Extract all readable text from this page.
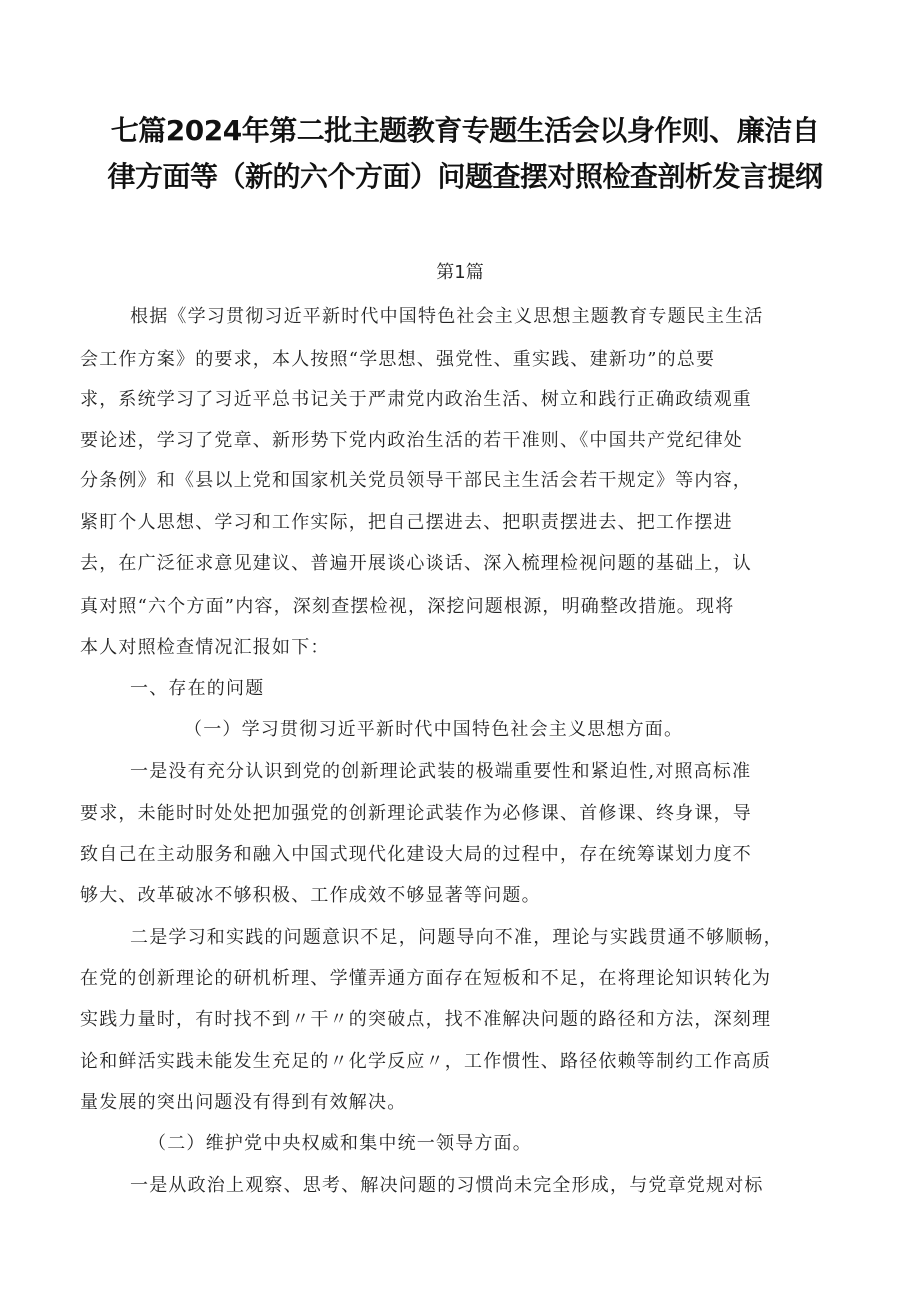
七篇2024年第二批主题教育专题生活会以身作则、廉洁自
律方面等（新的六个方面）问题查摆对照检查剖析发言提纲
第1篇
根据《学习贯彻习近平新时代中国特色社会主义思想主题教育专题民主生活
会工作方案》的要求，本人按照“学思想、强党性、重实践、建新功”的总要
求，系统学习了习近平总书记关于严肃党内政治生活、树立和践行正确政绩观重
要论述，学习了党章、新形势下党内政治生活的若干准则、《中国共产党纪律处
分条例》和《县以上党和国家机关党员领导干部民主生活会若干规定》等内容，
紧盯个人思想、学习和工作实际，把自己摆进去、把职责摆进去、把工作摆进
去，在广泛征求意见建议、普遍开展谈心谈话、深入梳理检视问题的基础上，认
真对照“六个方面”内容，深刻查摆检视，深挖问题根源，明确整改措施。现将
本人对照检查情况汇报如下：
一、存在的问题
（一）学习贯彻习近平新时代中国特色社会主义思想方面。
一是没有充分认识到党的创新理论武装的极端重要性和紧迫性,对照高标准
要求，未能时时处处把加强党的创新理论武装作为必修课、首修课、终身课，导
致自己在主动服务和融入中国式现代化建设大局的过程中，存在统筹谋划力度不
够大、改革破冰不够积极、工作成效不够显著等问题。
二是学习和实践的问题意识不足，问题导向不准，理论与实践贯通不够顺畅，
在党的创新理论的研机析理、学懂弄通方面存在短板和不足，在将理论知识转化为
实践力量时，有时找不到〃干〃的突破点，找不准解决问题的路径和方法，深刻理
论和鲜活实践未能发生充足的〃化学反应〃，工作惯性、路径依赖等制约工作高质
量发展的突出问题没有得到有效解决。
（二）维护党中央权威和集中统一领导方面。
一是从政治上观察、思考、解决问题的习惯尚未完全形成，与党章党规对标
